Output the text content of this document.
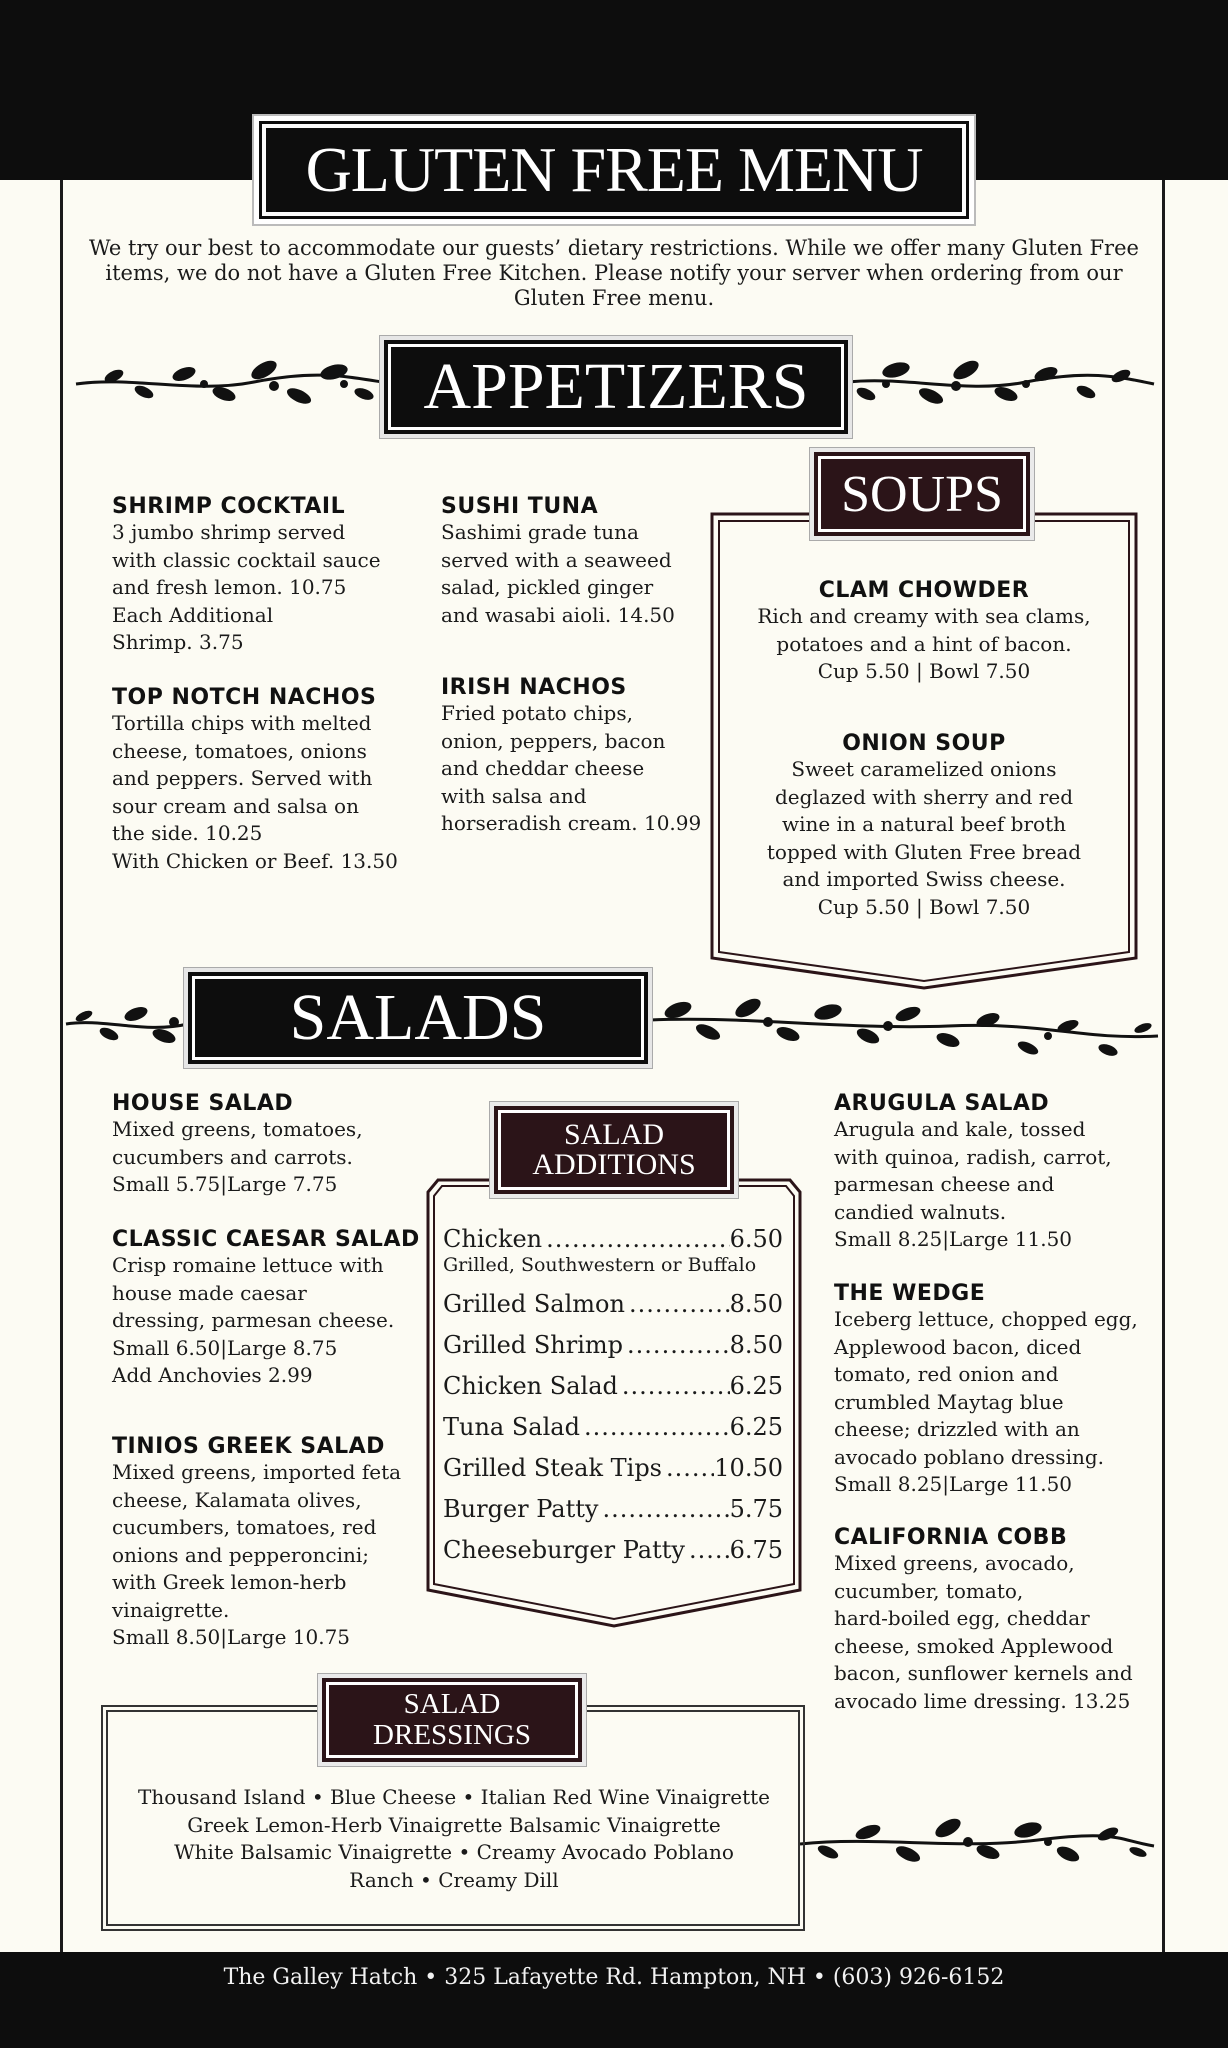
GLUTEN FREE MENU
We try our best to accommodate our guests’ dietary restrictions. While we offer many Gluten Free items, we do not have a Gluten Free Kitchen. Please notify your server when ordering from our Gluten Free menu.
APPETIZERS
SHRIMP COCKTAIL
3 jumbo shrimp served
with classic cocktail sauce
and fresh lemon. 10.75
Each Additional
Shrimp. 3.75
TOP NOTCH NACHOS
Tortilla chips with melted
cheese, tomatoes, onions
and peppers. Served with
sour cream and salsa on
the side. 10.25
With Chicken or Beef. 13.50
SUSHI TUNA
Sashimi grade tuna
served with a seaweed
salad, pickled ginger
and wasabi aioli. 14.50
IRISH NACHOS
Fried potato chips,
onion, peppers, bacon
and cheddar cheese
with salsa and
horseradish cream. 10.99
SOUPS
CLAM CHOWDER
Rich and creamy with sea clams,
potatoes and a hint of bacon.
Cup 5.50 | Bowl 7.50
ONION SOUP
Sweet caramelized onions
deglazed with sherry and red
wine in a natural beef broth
topped with Gluten Free bread
and imported Swiss cheese.
Cup 5.50 | Bowl 7.50
SALADS
HOUSE SALAD
Mixed greens, tomatoes,
cucumbers and carrots.
Small 5.75|Large 7.75
CLASSIC CAESAR SALAD
Crisp romaine lettuce with
house made caesar
dressing, parmesan cheese.
Small 6.50|Large 8.75
Add Anchovies 2.99
TINIOS GREEK SALAD
Mixed greens, imported feta
cheese, Kalamata olives,
cucumbers, tomatoes, red
onions and pepperoncini;
with Greek lemon-herb
vinaigrette.
Small 8.50|Large 10.75
SALAD
ADDITIONS
Chicken .....	6.50
Grilled, Southwestern or Buffalo
Grilled Salmon .....	8.50
Grilled Shrimp .....	8.50
Chicken Salad .....	6.25
Tuna Salad .....	6.25
Grilled Steak Tips ..... 10.50
Burger Patty .....	5.75
Cheeseburger Patty ..... 6.75
ARUGULA SALAD
Arugula and kale, tossed
with quinoa, radish, carrot,
parmesan cheese and
candied walnuts.
Small 8.25|Large 11.50
THE WEDGE
Iceberg lettuce, chopped egg,
Applewood bacon, diced
tomato, red onion and
crumbled Maytag blue
cheese; drizzled with an
avocado poblano dressing.
Small 8.25|Large 11.50
CALIFORNIA COBB
Mixed greens, avocado,
cucumber, tomato,
hard-boiled egg, cheddar
cheese, smoked Applewood
bacon, sunflower kernels and
avocado lime dressing. 13.25
SALAD
DRESSINGS
Thousand Island • Blue Cheese • Italian Red Wine Vinaigrette
Greek Lemon-Herb Vinaigrette Balsamic Vinaigrette
White Balsamic Vinaigrette • Creamy Avocado Poblano
Ranch • Creamy Dill
The Galley Hatch • 325 Lafayette Rd. Hampton, NH • (603) 926-6152
